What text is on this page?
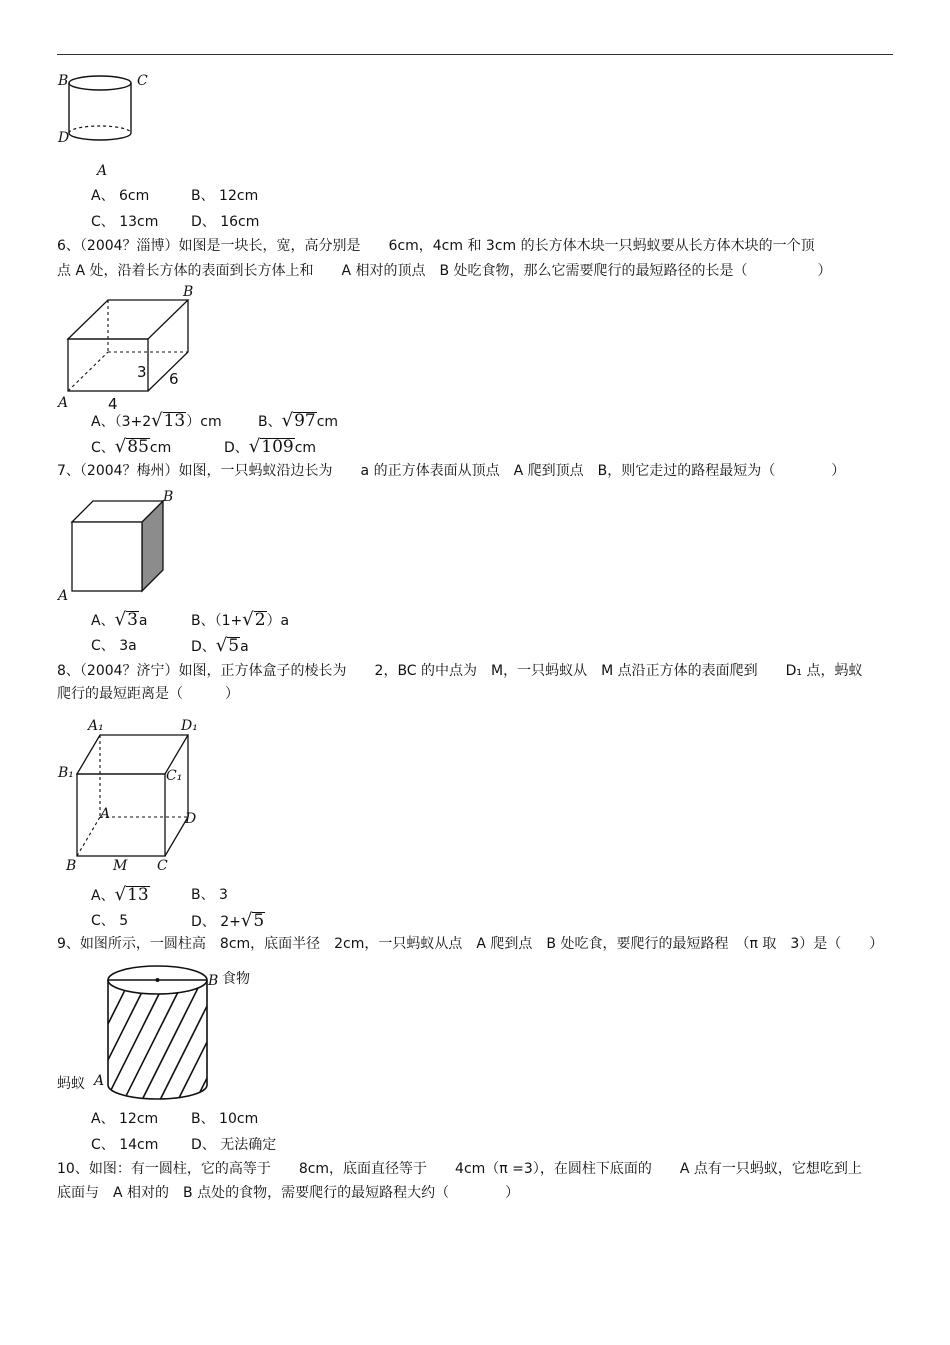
B	C
D
A
A、 6cm	B、 12cm
C、 13cm D、 16cm
6、（2004？淄博）如图是一块长，宽，高分别是　　6cm，4cm 和 3cm 的长方体木块一只蚂蚁要从长方体木块的一个顶
点 A 处，沿着长方体的表面到长方体上和　　A 相对的顶点　B 处吃食物，那么它需要爬行的最短路径的长是（　　　　　）
B
A
3 6
4
A、（3+2 √ 13 ）cm	B、 √ 97 cm
C、 √ 85 cm	D、 √ 109 cm
7、（2004？梅州）如图，一只蚂蚁沿边长为　　a 的正方体表面从顶点　A 爬到顶点　B，则它走过的路程最短为（　　　　）
B
A
A、 √ 3 a	B、（1+ √ 2 ）a
C、 3a	D、 √ 5 a
8、（2004？济宁）如图，正方体盒子的棱长为　　2，BC 的中点为　M，一只蚂蚁从　M 点沿正方体的表面爬到　　D₁ 点，蚂蚁
爬行的最短距离是（　　　）
A₁	D₁
B₁	C₁
A	D
B	M C
A、 √ 13	B、 3
C、 5	D、 2+ √ 5
9、如图所示，一圆柱高　8cm，底面半径　2cm，一只蚂蚁从点　A 爬到点　B 处吃食，要爬行的最短路程　（π 取　3）是（　　）
B 食物
蚂蚁 A
A、 12cm B、 10cm
C、 14cm D、 无法确定
10、如图：有一圆柱，它的高等于　　8cm，底面直径等于　　4cm（π =3），在圆柱下底面的　　A 点有一只蚂蚁，它想吃到上
底面与　A 相对的　B 点处的食物，需要爬行的最短路程大约（　　　　）
